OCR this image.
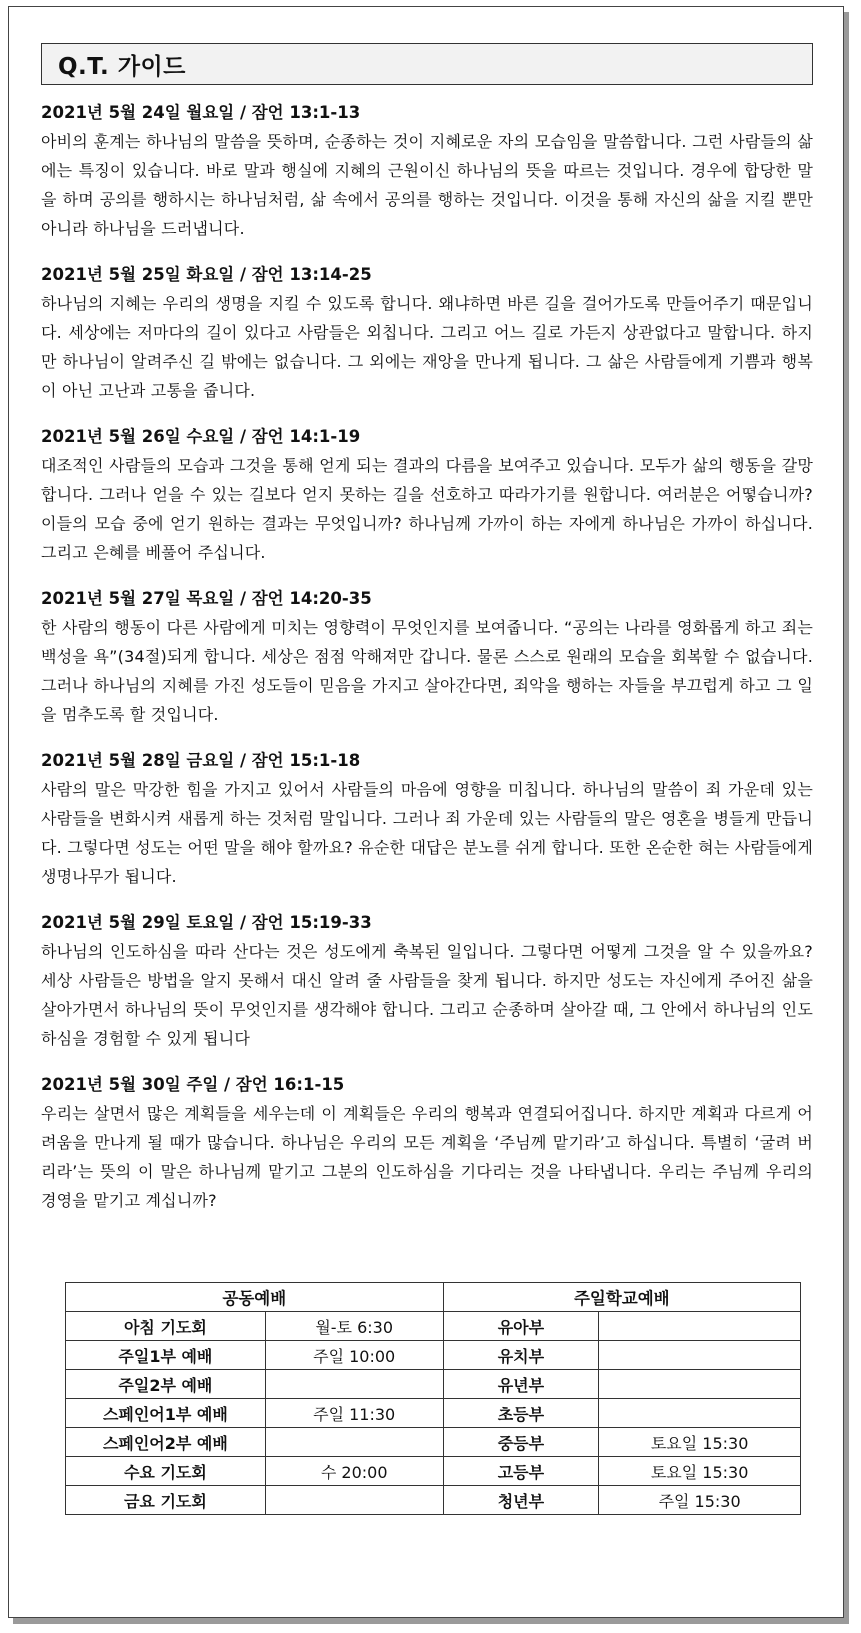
Q.T. 가이드
2021년 5월 24일 월요일 / 잠언 13:1-13

아비의 훈계는 하나님의 말씀을 뜻하며, 순종하는 것이 지혜로운 자의 모습임을 말씀합니다. 그런 사람들의 삶에는 특징이 있습니다. 바로 말과 행실에 지혜의 근원이신 하나님의 뜻을 따르는 것입니다. 경우에 합당한 말을 하며 공의를 행하시는 하나님처럼, 삶 속에서 공의를 행하는 것입니다. 이것을 통해 자신의 삶을 지킬 뿐만 아니라 하나님을 드러냅니다.

2021년 5월 25일 화요일 / 잠언 13:14-25

하나님의 지혜는 우리의 생명을 지킬 수 있도록 합니다. 왜냐하면 바른 길을 걸어가도록 만들어주기 때문입니다. 세상에는 저마다의 길이 있다고 사람들은 외칩니다. 그리고 어느 길로 가든지 상관없다고 말합니다. 하지만 하나님이 알려주신 길 밖에는 없습니다. 그 외에는 재앙을 만나게 됩니다. 그 삶은 사람들에게 기쁨과 행복이 아닌 고난과 고통을 줍니다.

2021년 5월 26일 수요일 / 잠언 14:1-19

대조적인 사람들의 모습과 그것을 통해 얻게 되는 결과의 다름을 보여주고 있습니다. 모두가 삶의 행동을 갈망합니다. 그러나 얻을 수 있는 길보다 얻지 못하는 길을 선호하고 따라가기를 원합니다. 여러분은 어떻습니까? 이들의 모습 중에 얻기 원하는 결과는 무엇입니까? 하나님께 가까이 하는 자에게 하나님은 가까이 하십니다. 그리고 은혜를 베풀어 주십니다.

2021년 5월 27일 목요일 / 잠언 14:20-35

한 사람의 행동이 다른 사람에게 미치는 영향력이 무엇인지를 보여줍니다. “공의는 나라를 영화롭게 하고 죄는 백성을 욕”(34절)되게 합니다. 세상은 점점 악해져만 갑니다. 물론 스스로 원래의 모습을 회복할 수 없습니다. 그러나 하나님의 지혜를 가진 성도들이 믿음을 가지고 살아간다면, 죄악을 행하는 자들을 부끄럽게 하고 그 일을 멈추도록 할 것입니다.

2021년 5월 28일 금요일 / 잠언 15:1-18

사람의 말은 막강한 힘을 가지고 있어서 사람들의 마음에 영향을 미칩니다. 하나님의 말씀이 죄 가운데 있는 사람들을 변화시켜 새롭게 하는 것처럼 말입니다. 그러나 죄 가운데 있는 사람들의 말은 영혼을 병들게 만듭니다. 그렇다면 성도는 어떤 말을 해야 할까요? 유순한 대답은 분노를 쉬게 합니다. 또한 온순한 혀는 사람들에게 생명나무가 됩니다.

2021년 5월 29일 토요일 / 잠언 15:19-33

하나님의 인도하심을 따라 산다는 것은 성도에게 축복된 일입니다. 그렇다면 어떻게 그것을 알 수 있을까요? 세상 사람들은 방법을 알지 못해서 대신 알려 줄 사람들을 찾게 됩니다. 하지만 성도는 자신에게 주어진 삶을 살아가면서 하나님의 뜻이 무엇인지를 생각해야 합니다. 그리고 순종하며 살아갈 때, 그 안에서 하나님의 인도하심을 경험할 수 있게 됩니다

2021년 5월 30일 주일 / 잠언 16:1-15

우리는 살면서 많은 계획들을 세우는데 이 계획들은 우리의 행복과 연결되어집니다. 하지만 계획과 다르게 어려움을 만나게 될 때가 많습니다. 하나님은 우리의 모든 계획을 ‘주님께 맡기라’고 하십니다. 특별히 ‘굴려 버리라’는 뜻의 이 말은 하나님께 맡기고 그분의 인도하심을 기다리는 것을 나타냅니다. 우리는 주님께 우리의 경영을 맡기고 계십니까?

공동예배		주일학교예배	
아침 기도회	월-토 6:30	유아부	
주일1부 예배	주일 10:00	유치부	
주일2부 예배		유년부	
스페인어1부 예배	주일 11:30	초등부	
스페인어2부 예배		중등부	토요일 15:30
수요 기도회	수 20:00	고등부	토요일 15:30
금요 기도회		청년부	주일 15:30
